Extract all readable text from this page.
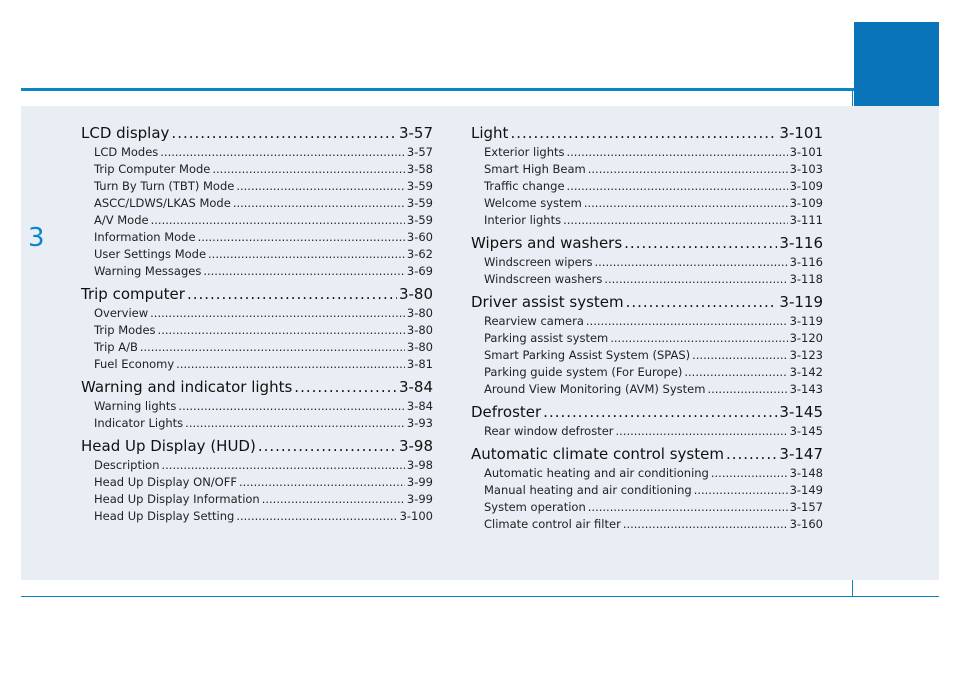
3
LCD display .....	3-57
LCD Modes .....	3-57
Trip Computer Mode .....	3-58
Turn By Turn (TBT) Mode .....	3-59
ASCC/LDWS/LKAS Mode .....	3-59
A/V Mode .....	3-59
Information Mode .....	3-60
User Settings Mode .....	3-62
Warning Messages .....	3-69
Trip computer .....	3-80
Overview .....	3-80
Trip Modes .....	3-80
Trip A/B .....	3-80
Fuel Economy .....	3-81
Warning and indicator lights .....	3-84
Warning lights .....	3-84
Indicator Lights .....	3-93
Head Up Display (HUD) .....	3-98
Description .....	3-98
Head Up Display ON/OFF .....	3-99
Head Up Display Information .....	3-99
Head Up Display Setting .....	3-100
Light .....	3-101
Exterior lights .....	3-101
Smart High Beam .....	3-103
Traffic change .....	3-109
Welcome system .....	3-109
Interior lights .....	3-111
Wipers and washers .....	3-116
Windscreen wipers .....	3-116
Windscreen washers .....	3-118
Driver assist system .....	3-119
Rearview camera .....	3-119
Parking assist system .....	3-120
Smart Parking Assist System (SPAS) .....	3-123
Parking guide system (For Europe) .....	3-142
Around View Monitoring (AVM) System .....	3-143
Defroster .....	3-145
Rear window defroster .....	3-145
Automatic climate control system .....	3-147
Automatic heating and air conditioning .....	3-148
Manual heating and air conditioning .....	3-149
System operation .....	3-157
Climate control air filter .....	3-160
